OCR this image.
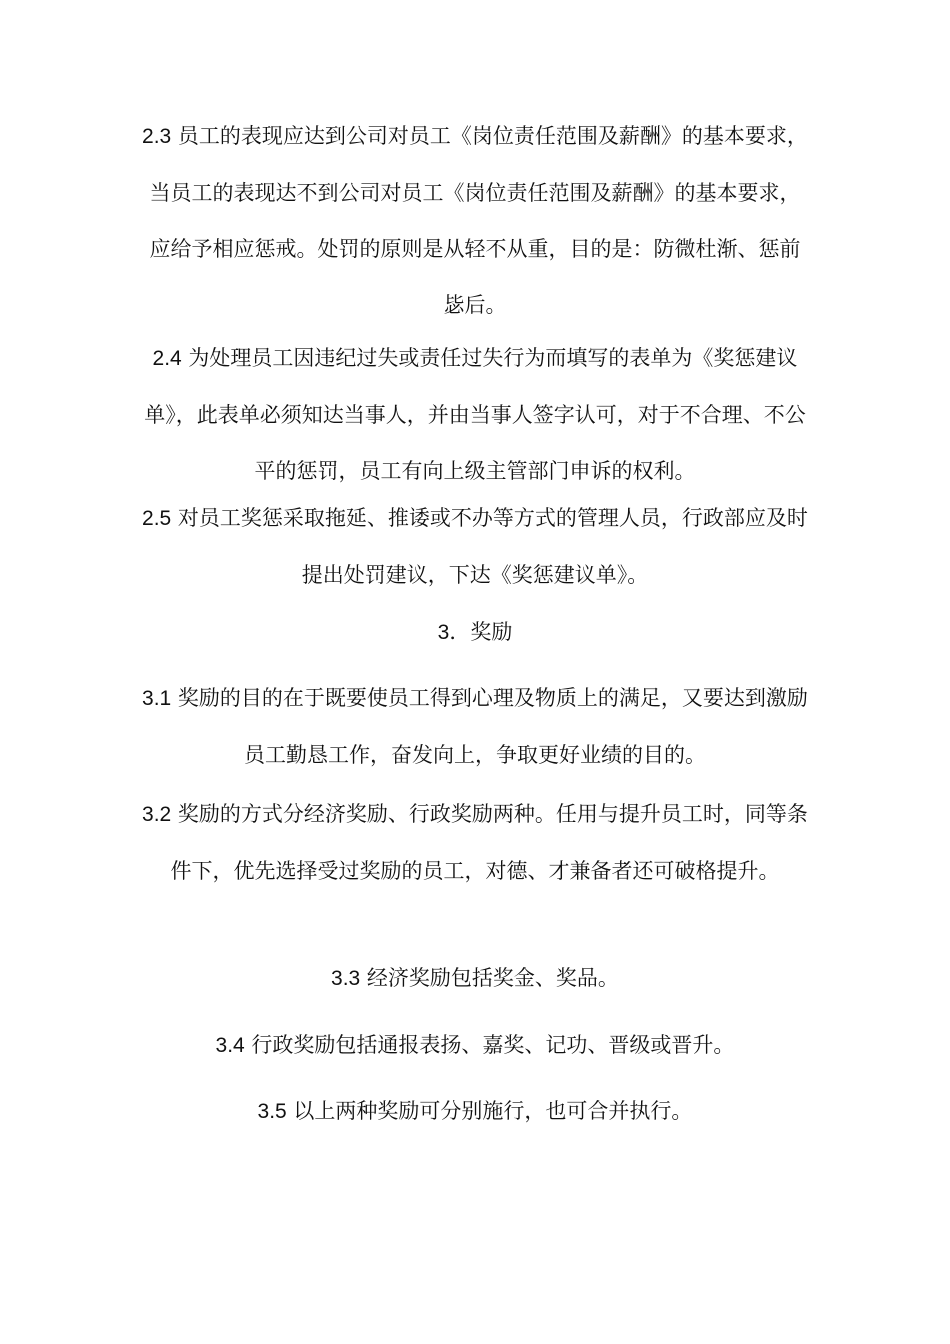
2.3 员工的表现应达到公司对员工《岗位责任范围及薪酬》的基本要求，当员工的表现达不到公司对员工《岗位责任范围及薪酬》的基本要求，应给予相应惩戒。处罚的原则是从轻不从重，目的是：防微杜渐、惩前毖后。

2.4 为处理员工因违纪过失或责任过失行为而填写的表单为《奖惩建议单》，此表单必须知达当事人，并由当事人签字认可，对于不合理、不公平的惩罚，员工有向上级主管部门申诉的权利。

2.5 对员工奖惩采取拖延、推诿或不办等方式的管理人员，行政部应及时提出处罚建议，下达《奖惩建议单》。

3．奖励

3.1 奖励的目的在于既要使员工得到心理及物质上的满足，又要达到激励员工勤恳工作，奋发向上，争取更好业绩的目的。

3.2 奖励的方式分经济奖励、行政奖励两种。任用与提升员工时，同等条件下，优先选择受过奖励的员工，对德、才兼备者还可破格提升。

3.3 经济奖励包括奖金、奖品。

3.4 行政奖励包括通报表扬、嘉奖、记功、晋级或晋升。

3.5 以上两种奖励可分别施行，也可合并执行。
